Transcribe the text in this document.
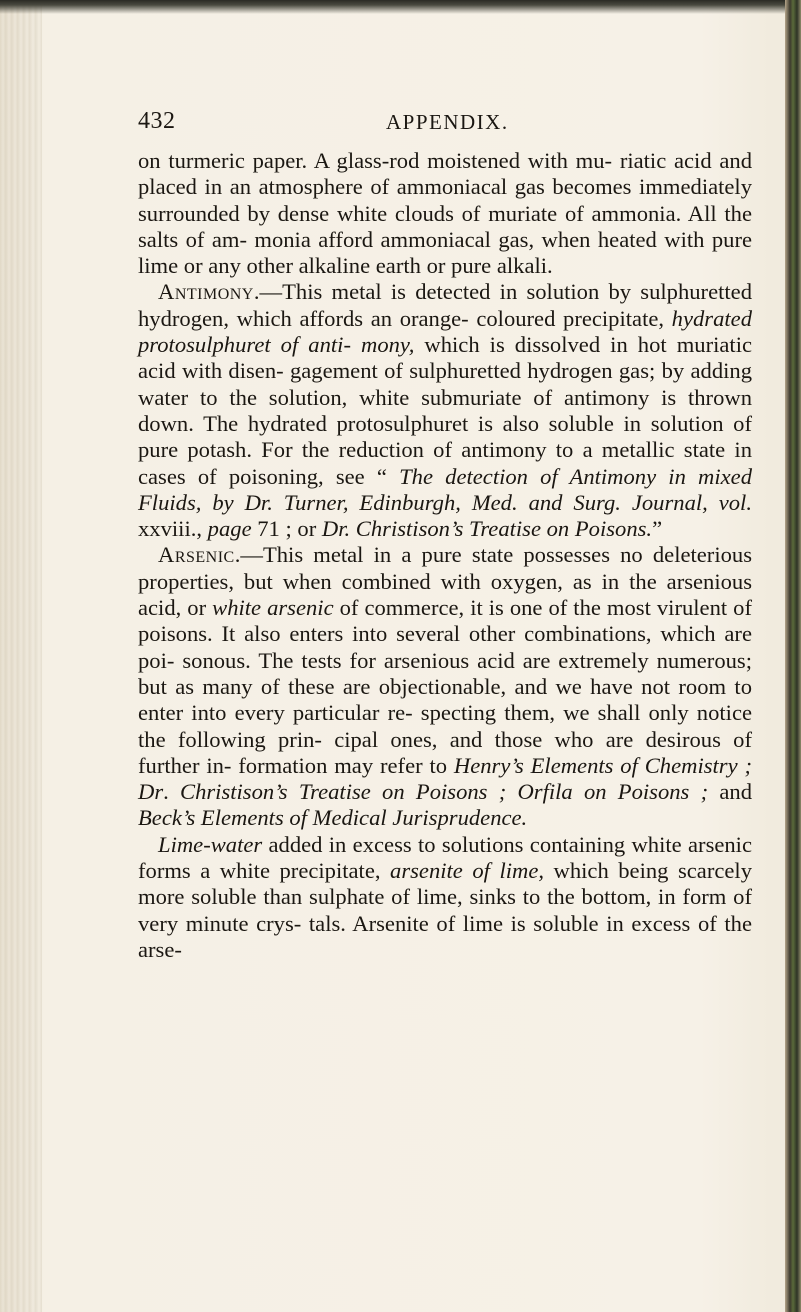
432	APPENDIX.

on turmeric paper. A glass-rod moistened with mu- riatic acid and placed in an atmosphere of ammoniacal gas becomes immediately surrounded by dense white clouds of muriate of ammonia. All the salts of am- monia afford ammoniacal gas, when heated with pure lime or any other alkaline earth or pure alkali.

Antimony.—This metal is detected in solution by sulphuretted hydrogen, which affords an orange- coloured precipitate, hydrated protosulphuret of anti- mony, which is dissolved in hot muriatic acid with disen- gagement of sulphuretted hydrogen gas; by adding water to the solution, white submuriate of antimony is thrown down. The hydrated protosulphuret is also soluble in solution of pure potash. For the reduction of antimony to a metallic state in cases of poisoning, see “ The detection of Antimony in mixed Fluids, by Dr. Turner, Edinburgh, Med. and Surg. Journal, vol. xxviii., page 71 ; or Dr. Christison’s Treatise on Poisons.”

Arsenic.—This metal in a pure state possesses no deleterious properties, but when combined with oxygen, as in the arsenious acid, or white arsenic of commerce, it is one of the most virulent of poisons. It also enters into several other combinations, which are poi- sonous. The tests for arsenious acid are extremely numerous; but as many of these are objectionable, and we have not room to enter into every particular re- specting them, we shall only notice the following prin- cipal ones, and those who are desirous of further in- formation may refer to Henry’s Elements of Chemistry ; Dr. Christison’s Treatise on Poisons ; Orfila on Poisons ; and Beck’s Elements of Medical Jurisprudence.

Lime-water added in excess to solutions containing white arsenic forms a white precipitate, arsenite of lime, which being scarcely more soluble than sulphate of lime, sinks to the bottom, in form of very minute crys- tals. Arsenite of lime is soluble in excess of the arse-
